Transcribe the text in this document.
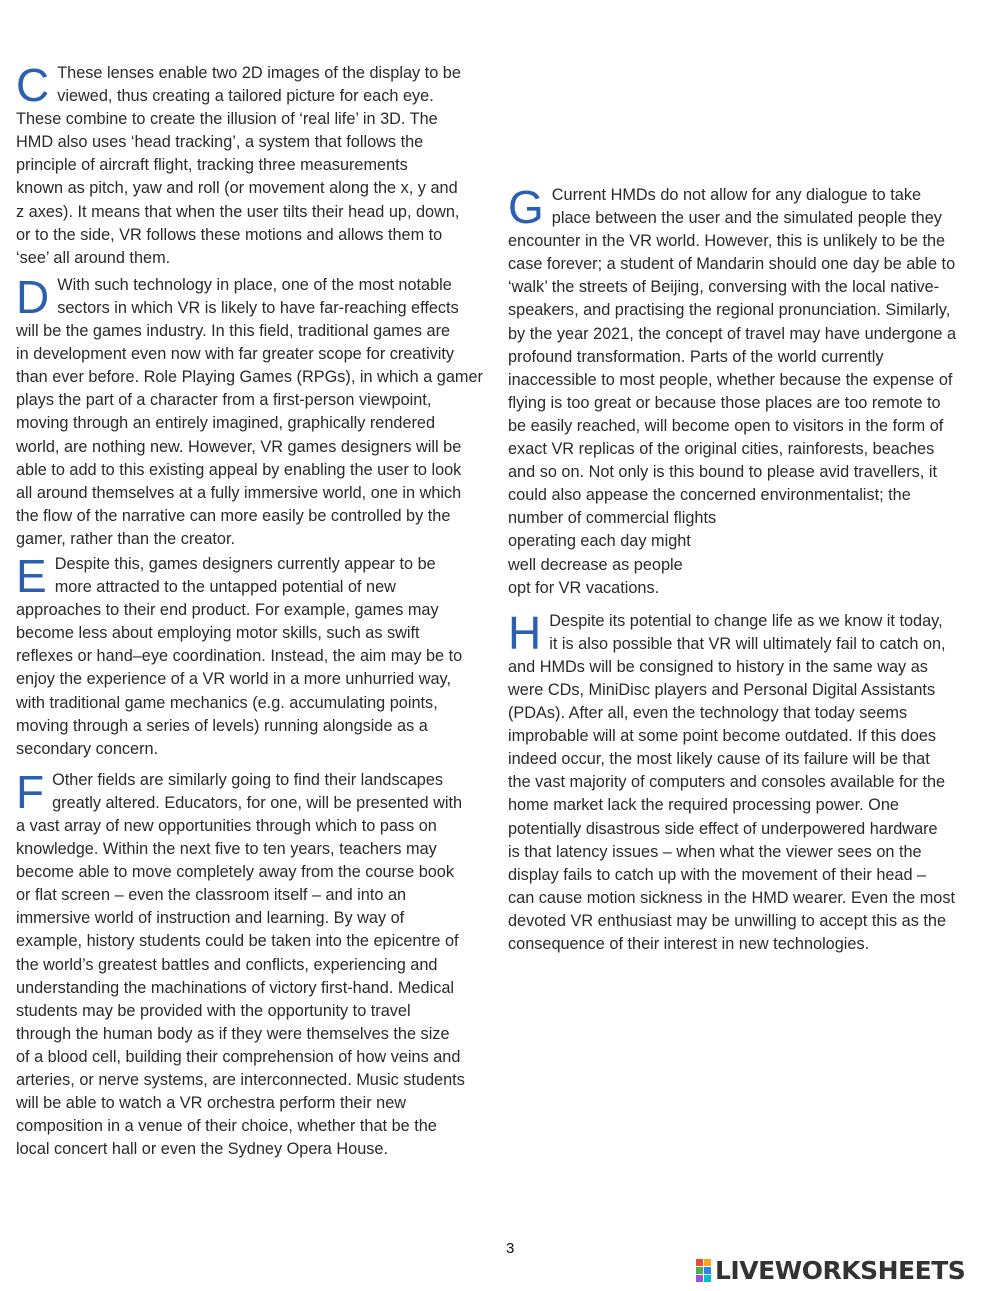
C These lenses enable two 2D images of the display to be
viewed, thus creating a tailored picture for each eye.
These combine to create the illusion of ‘real life’ in 3D. The
HMD also uses ‘head tracking’, a system that follows the
principle of aircraft flight, tracking three measurements
known as pitch, yaw and roll (or movement along the x, y and
z axes). It means that when the user tilts their head up, down,
or to the side, VR follows these motions and allows them to
‘see’ all around them.
D With such technology in place, one of the most notable
sectors in which VR is likely to have far-reaching effects
will be the games industry. In this field, traditional games are
in development even now with far greater scope for creativity
than ever before. Role Playing Games (RPGs), in which a gamer
plays the part of a character from a first-person viewpoint,
moving through an entirely imagined, graphically rendered
world, are nothing new. However, VR games designers will be
able to add to this existing appeal by enabling the user to look
all around themselves at a fully immersive world, one in which
the flow of the narrative can more easily be controlled by the
gamer, rather than the creator.
E Despite this, games designers currently appear to be
more attracted to the untapped potential of new
approaches to their end product. For example, games may
become less about employing motor skills, such as swift
reflexes or hand–eye coordination. Instead, the aim may be to
enjoy the experience of a VR world in a more unhurried way,
with traditional game mechanics (e.g. accumulating points,
moving through a series of levels) running alongside as a
secondary concern.
F Other fields are similarly going to find their landscapes
greatly altered. Educators, for one, will be presented with
a vast array of new opportunities through which to pass on
knowledge. Within the next five to ten years, teachers may
become able to move completely away from the course book
or flat screen – even the classroom itself – and into an
immersive world of instruction and learning. By way of
example, history students could be taken into the epicentre of
the world’s greatest battles and conflicts, experiencing and
understanding the machinations of victory first-hand. Medical
students may be provided with the opportunity to travel
through the human body as if they were themselves the size
of a blood cell, building their comprehension of how veins and
arteries, or nerve systems, are interconnected. Music students
will be able to watch a VR orchestra perform their new
composition in a venue of their choice, whether that be the
local concert hall or even the Sydney Opera House.
G Current HMDs do not allow for any dialogue to take
place between the user and the simulated people they
encounter in the VR world. However, this is unlikely to be the
case forever; a student of Mandarin should one day be able to
‘walk’ the streets of Beijing, conversing with the local native-
speakers, and practising the regional pronunciation. Similarly,
by the year 2021, the concept of travel may have undergone a
profound transformation. Parts of the world currently
inaccessible to most people, whether because the expense of
flying is too great or because those places are too remote to
be easily reached, will become open to visitors in the form of
exact VR replicas of the original cities, rainforests, beaches
and so on. Not only is this bound to please avid travellers, it
could also appease the concerned environmentalist; the
number of commercial flights
operating each day might
well decrease as people
opt for VR vacations.
H Despite its potential to change life as we know it today,
it is also possible that VR will ultimately fail to catch on,
and HMDs will be consigned to history in the same way as
were CDs, MiniDisc players and Personal Digital Assistants
(PDAs). After all, even the technology that today seems
improbable will at some point become outdated. If this does
indeed occur, the most likely cause of its failure will be that
the vast majority of computers and consoles available for the
home market lack the required processing power. One
potentially disastrous side effect of underpowered hardware
is that latency issues – when what the viewer sees on the
display fails to catch up with the movement of their head –
can cause motion sickness in the HMD wearer. Even the most
devoted VR enthusiast may be unwilling to accept this as the
consequence of their interest in new technologies.
3
LIVEWORKSHEETS
